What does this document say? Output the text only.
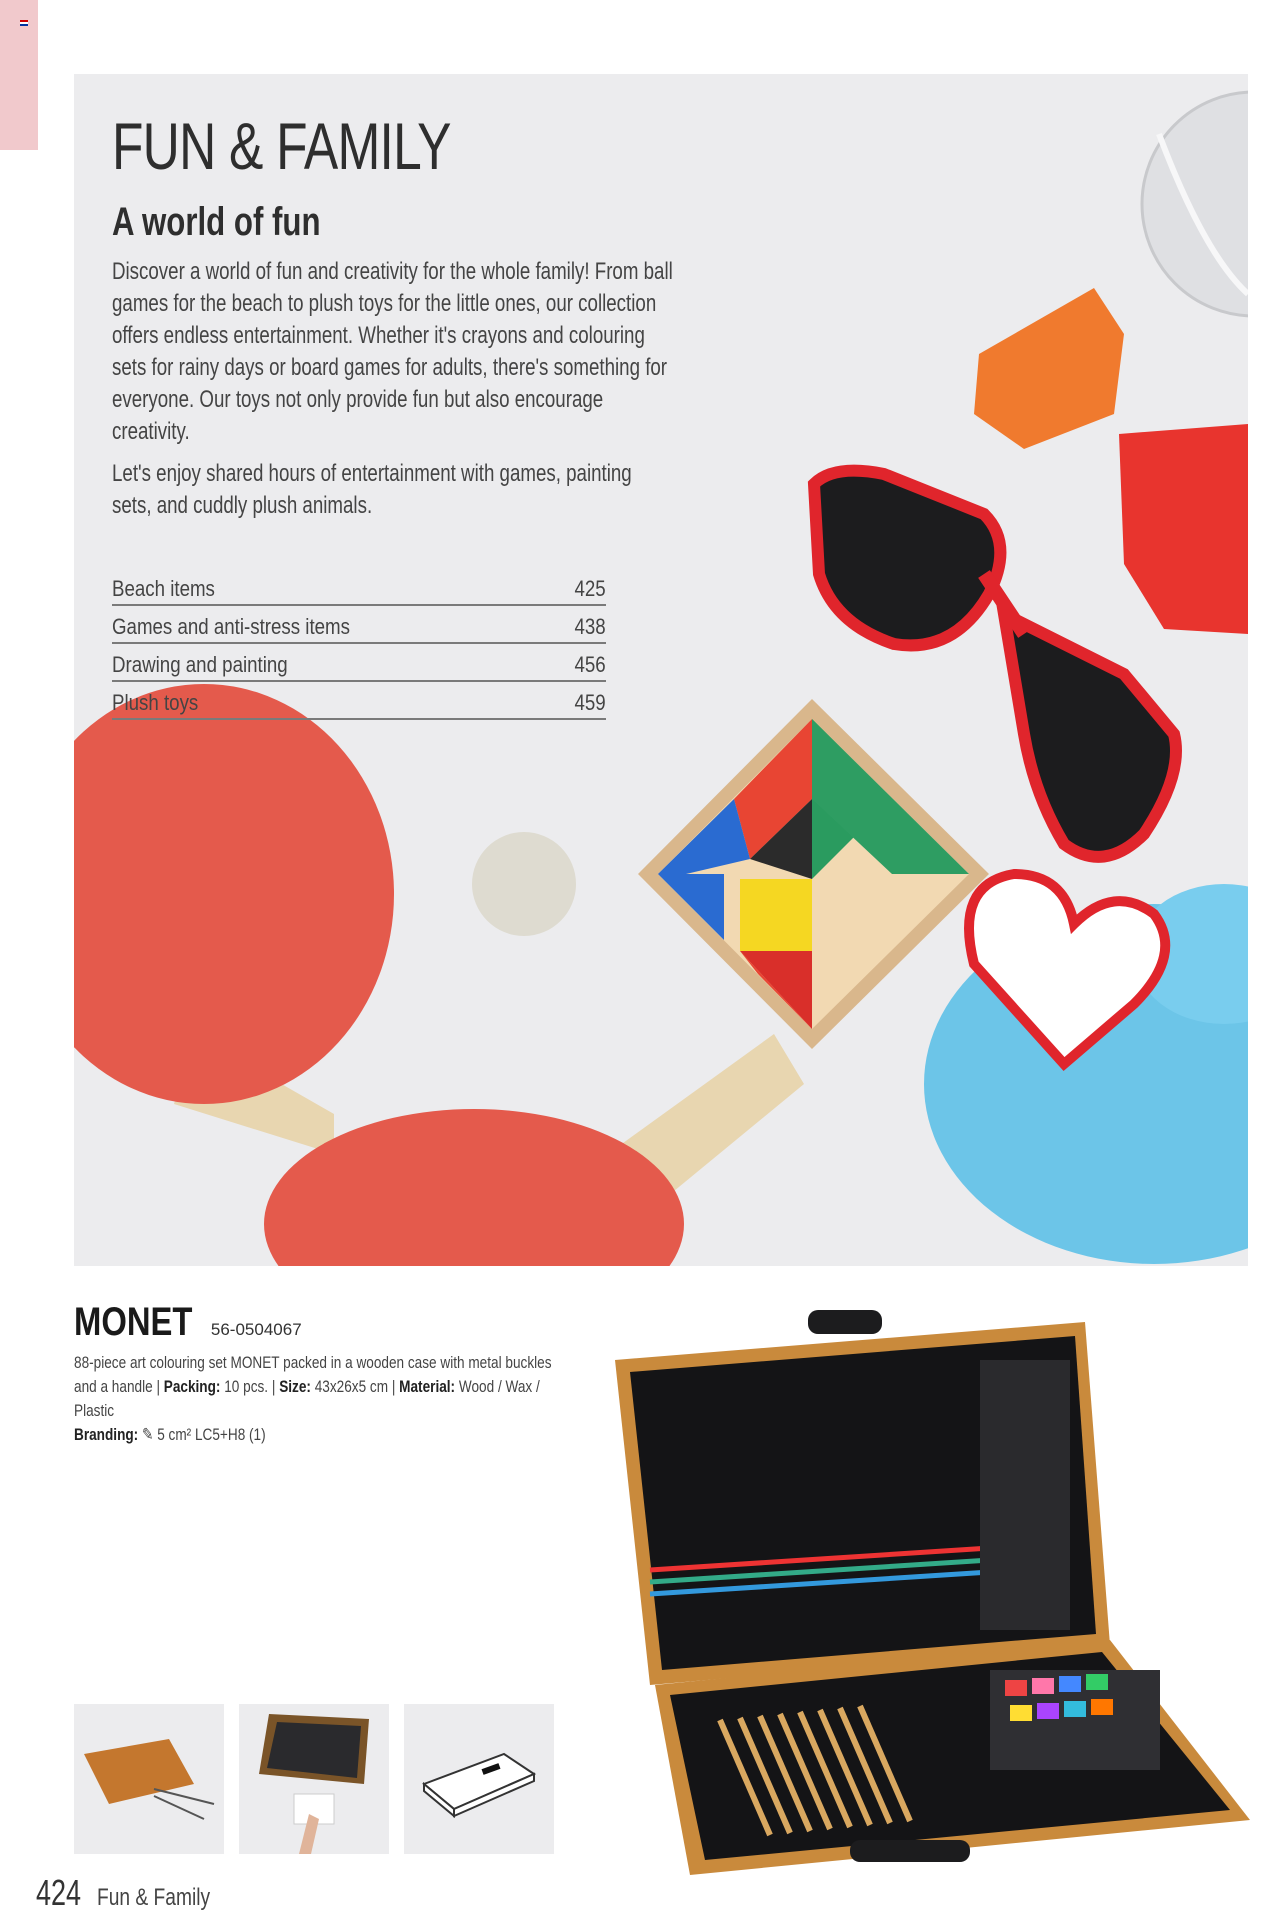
FUN & FAMILY
A world of fun

Discover a world of fun and creativity for the whole family! From ball games for the beach to plush toys for the little ones, our collection offers endless entertainment. Whether it's crayons and colouring sets for rainy days or board games for adults, there's something for everyone. Our toys not only provide fun but also encourage creativity.

Let's enjoy shared hours of entertainment with games, painting sets, and cuddly plush animals.

Beach items	425
Games and anti-stress items	438
Drawing and painting	456
Plush toys	459
MONET 56-0504067
88-piece art colouring set MONET packed in a wooden case with metal buckles and a handle | Packing: 10 pcs. | Size: 43x26x5 cm | Material: Wood / Wax / Plastic
Branding: ✎ 5 cm² LC5+H8 (1)
424 Fun & Family
